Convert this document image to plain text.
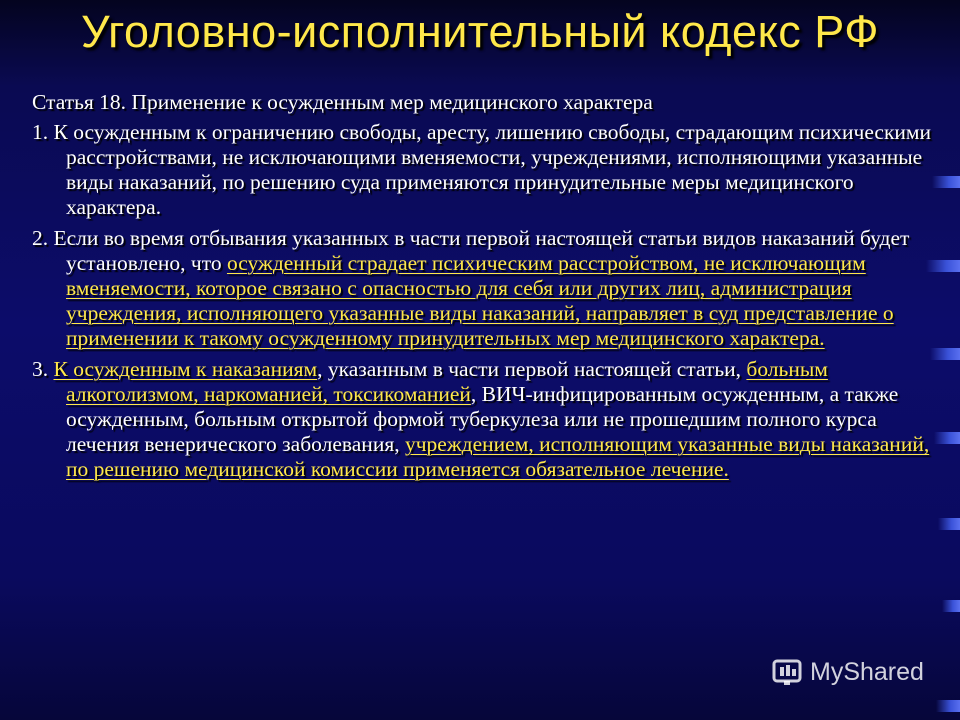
Уголовно-исполнительный кодекс РФ
Статья 18. Применение к осужденным мер медицинского характера
1. К осужденным к ограничению свободы, аресту, лишению свободы, страдающим психическими расстройствами, не исключающими вменяемости, учреждениями, исполняющими указанные виды наказаний, по решению суда применяются принудительные меры медицинского характера.
2. Если во время отбывания указанных в части первой настоящей статьи видов наказаний будет установлено, что осужденный страдает психическим расстройством, не исключающим вменяемости, которое связано с опасностью для себя или других лиц, администрация учреждения, исполняющего указанные виды наказаний, направляет в суд представление о применении к такому осужденному принудительных мер медицинского характера.
3. К осужденным к наказаниям, указанным в части первой настоящей статьи, больным алкоголизмом, наркоманией, токсикоманией, ВИЧ-инфицированным осужденным, а также осужденным, больным открытой формой туберкулеза или не прошедшим полного курса лечения венерического заболевания, учреждением, исполняющим указанные виды наказаний, по решению медицинской комиссии применяется обязательное лечение.
MyShared
